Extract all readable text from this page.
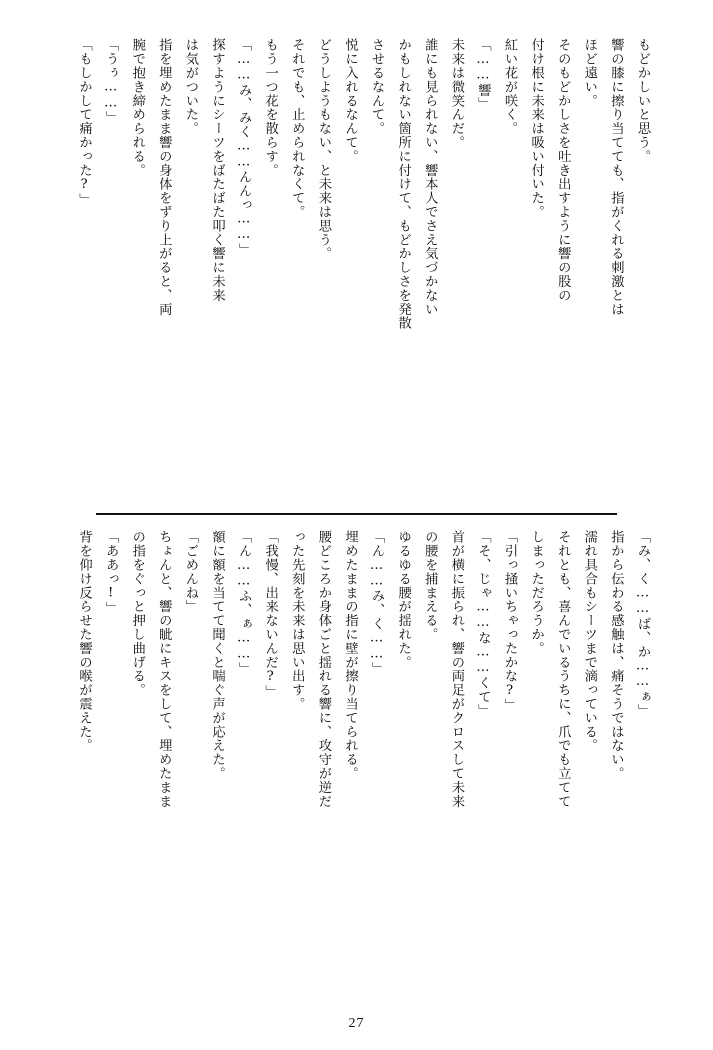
もどかしいと思う。

響の膝に擦り当てても、指がくれる刺激とは

ほど遠い。

そのもどかしさを吐き出すように響の股の

付け根に未来は吸い付いた。

紅い花が咲く。

「……響」

未来は微笑んだ。

誰にも見られない、響本人でさえ気づかない

かもしれない箇所に付けて、もどかしさを発散

させるなんて。

悦に入れるなんて。

どうしようもない、と未来は思う。

それでも、止められなくて。

もう一つ花を散らす。

「……み、みく……んんっ……」

探すようにシーツをばたばた叩く響に未来

は気がついた。

指を埋めたまま響の身体をずり上がると、両

腕で抱き締められる。

「うぅ……」

「もしかして痛かった?」

「み、く……ば、か……ぁ」

指から伝わる感触は、痛そうではない。

濡れ具合もシーツまで滴っている。

それとも、喜んでいるうちに、爪でも立てて

しまっただろうか。

「引っ掻いちゃったかな?」

「そ、じゃ……な……くて」

首が横に振られ、響の両足がクロスして未来

の腰を捕まえる。

ゆるゆる腰が揺れた。

「ん……み、く……」

埋めたままの指に壁が擦り当てられる。

腰どころか身体ごと揺れる響に、攻守が逆だ

った先刻を未来は思い出す。

「我慢、出来ないんだ?」

「ん……ふ、ぁ……」

額に額を当てて聞くと喘ぐ声が応えた。

「ごめんね」

ちょんと、響の眦にキスをして、埋めたまま

の指をぐっと押し曲げる。

「ああっ!」

背を仰け反らせた響の喉が震えた。

27
